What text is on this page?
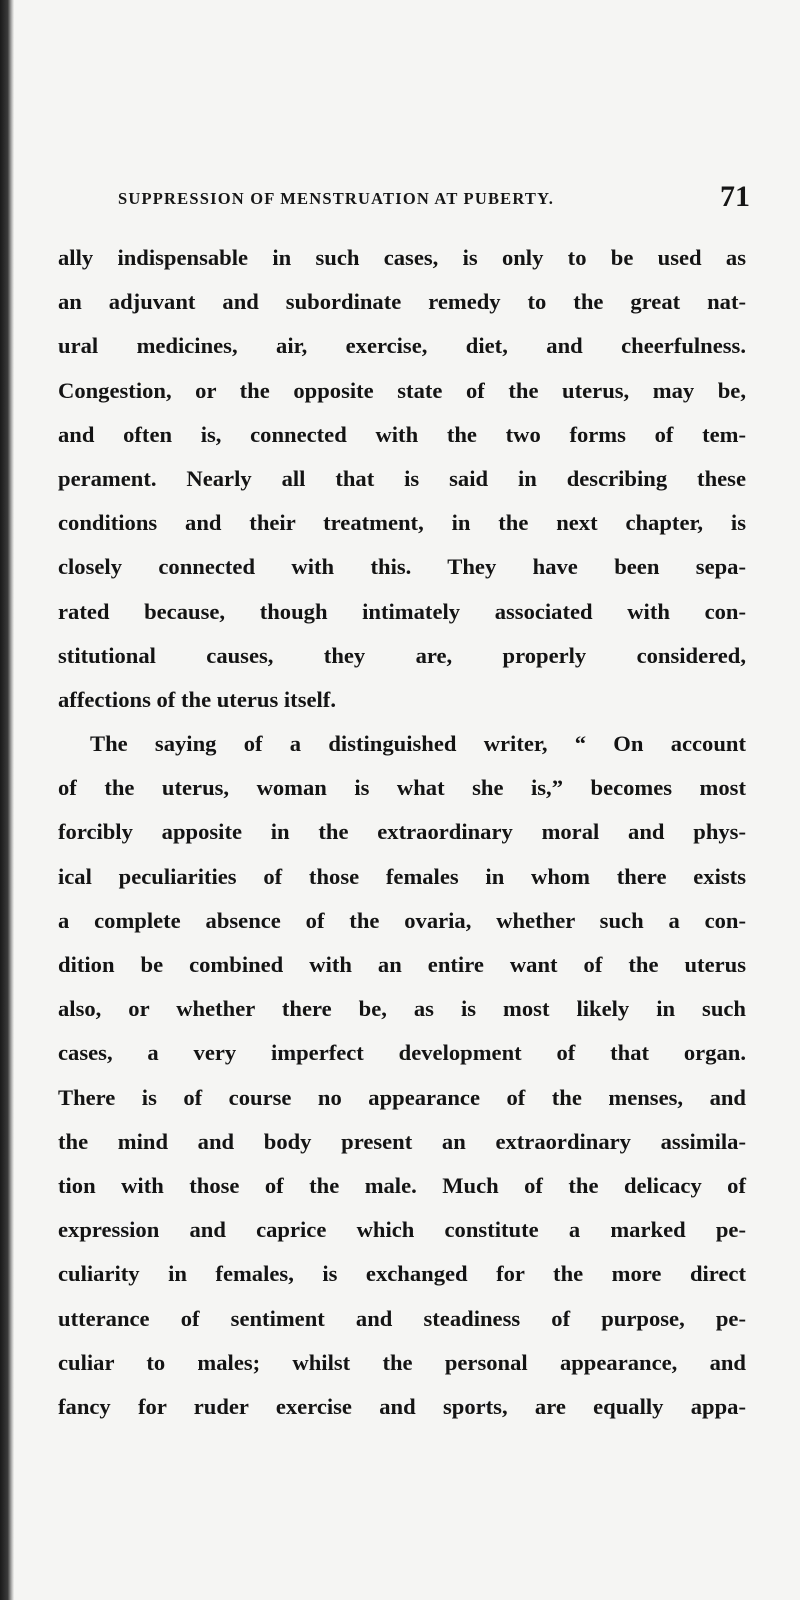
SUPPRESSION OF MENSTRUATION AT PUBERTY.	71
ally indispensable in such cases, is only to be used as
an adjuvant and subordinate remedy to the great nat-
ural medicines, air, exercise, diet, and cheerfulness.
Congestion, or the opposite state of the uterus, may be,
and often is, connected with the two forms of tem-
perament. Nearly all that is said in describing these
conditions and their treatment, in the next chapter, is
closely connected with this. They have been sepa-
rated because, though intimately associated with con-
stitutional causes, they are, properly considered,
affections of the uterus itself.
The saying of a distinguished writer, “ On account
of the uterus, woman is what she is,” becomes most
forcibly apposite in the extraordinary moral and phys-
ical peculiarities of those females in whom there exists
a complete absence of the ovaria, whether such a con-
dition be combined with an entire want of the uterus
also, or whether there be, as is most likely in such
cases, a very imperfect development of that organ.
There is of course no appearance of the menses, and
the mind and body present an extraordinary assimila-
tion with those of the male. Much of the delicacy of
expression and caprice which constitute a marked pe-
culiarity in females, is exchanged for the more direct
utterance of sentiment and steadiness of purpose, pe-
culiar to males; whilst the personal appearance, and
fancy for ruder exercise and sports, are equally appa-
